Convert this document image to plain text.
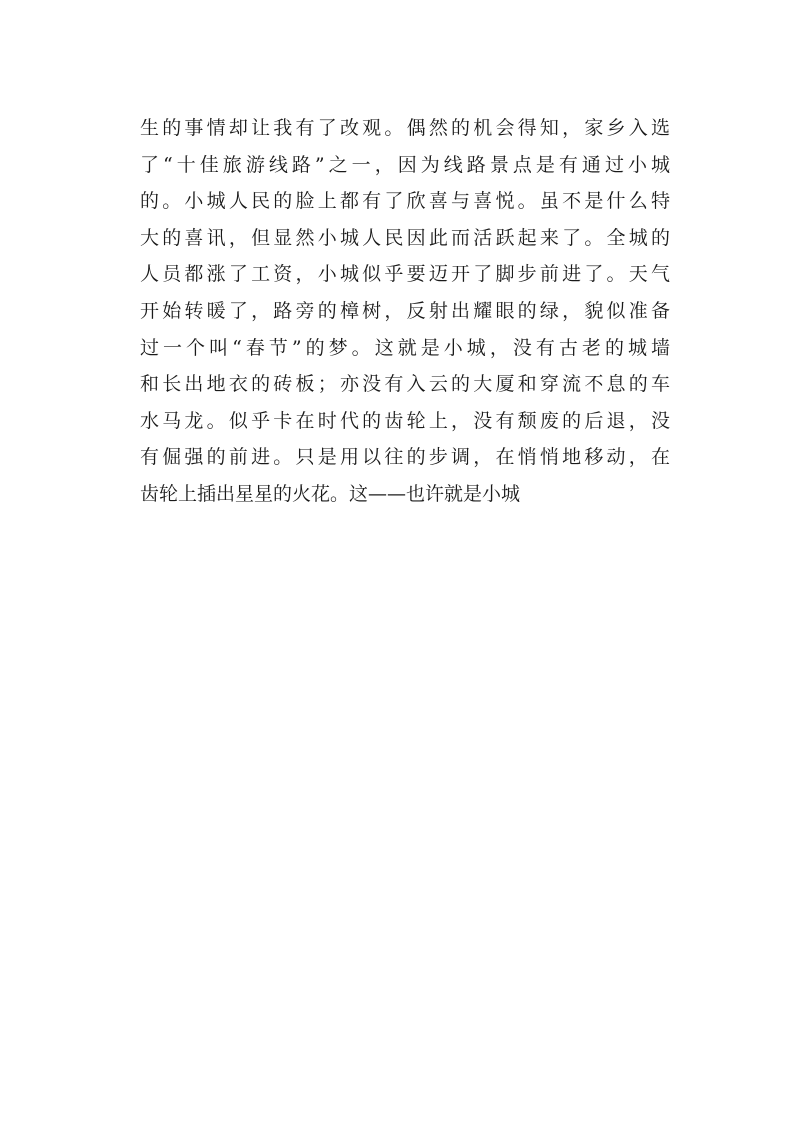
生的事情却让我有了改观。偶然的机会得知，家乡入选
了“十佳旅游线路”之一，因为线路景点是有通过小城
的。小城人民的脸上都有了欣喜与喜悦。虽不是什么特
大的喜讯，但显然小城人民因此而活跃起来了。全城的
人员都涨了工资，小城似乎要迈开了脚步前进了。天气
开始转暖了，路旁的樟树，反射出耀眼的绿，貌似准备
过一个叫“春节”的梦。这就是小城，没有古老的城墙
和长出地衣的砖板；亦没有入云的大厦和穿流不息的车
水马龙。似乎卡在时代的齿轮上，没有颓废的后退，没
有倔强的前进。只是用以往的步调，在悄悄地移动，在
齿轮上插出星星的火花。这——也许就是小城
